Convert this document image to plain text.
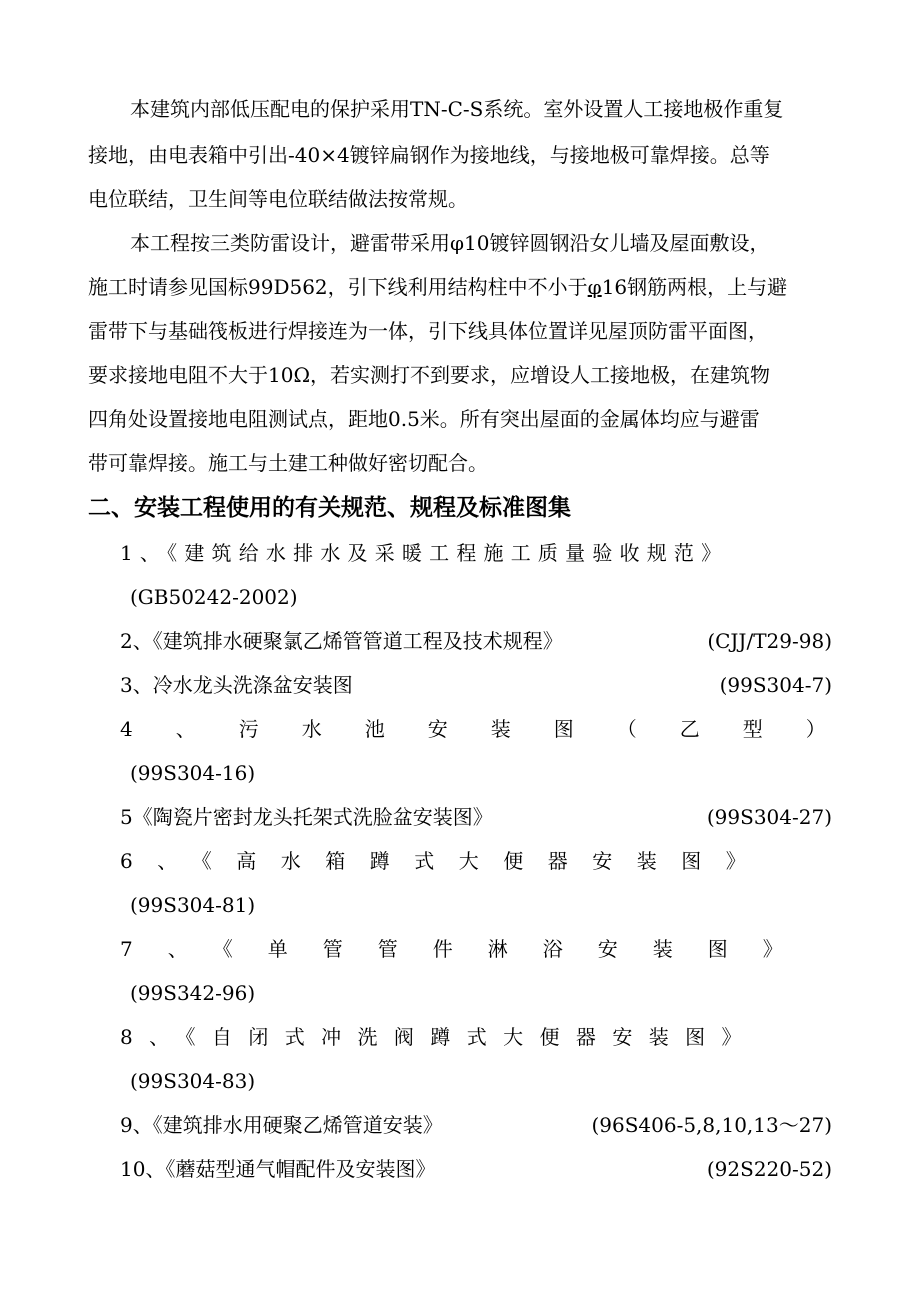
本建筑内部低压配电的保护采用TN-C-S系统。室外设置人工接地极作重复
接地，由电表箱中引出-40×4镀锌扁钢作为接地线，与接地极可靠焊接。总等
电位联结，卫生间等电位联结做法按常规。
本工程按三类防雷设计，避雷带采用φ10镀锌圆钢沿女儿墙及屋面敷设，
施工时请参见国标99D562，引下线利用结构柱中不小于φ16钢筋两根，上与避
雷带下与基础筏板进行焊接连为一体，引下线具体位置详见屋顶防雷平面图，
要求接地电阻不大于10Ω，若实测打不到要求，应增设人工接地极，在建筑物
四角处设置接地电阻测试点，距地0.5米。所有突出屋面的金属体均应与避雷
带可靠焊接。施工与土建工种做好密切配合。
二、安装工程使用的有关规范、规程及标准图集
1、《建筑给水排水及采暖工程施工质量验收规范》
(GB50242-2002)
2、《建筑排水硬聚氯乙烯管管道工程及技术规程》	(CJJ/T29-98)
3、冷水龙头洗涤盆安装图	(99S304-7)
4、污水池安装图（乙型）
(99S304-16)
5《陶瓷片密封龙头托架式洗脸盆安装图》	(99S304-27)
6、《高水箱蹲式大便器安装图》
(99S304-81)
7、《单管管件淋浴安装图》
(99S342-96)
8、《自闭式冲洗阀蹲式大便器安装图》
(99S304-83)
9、《建筑排水用硬聚乙烯管道安装》	(96S406-5,8,10,13～27)
10、《蘑菇型通气帽配件及安装图》	(92S220-52)
